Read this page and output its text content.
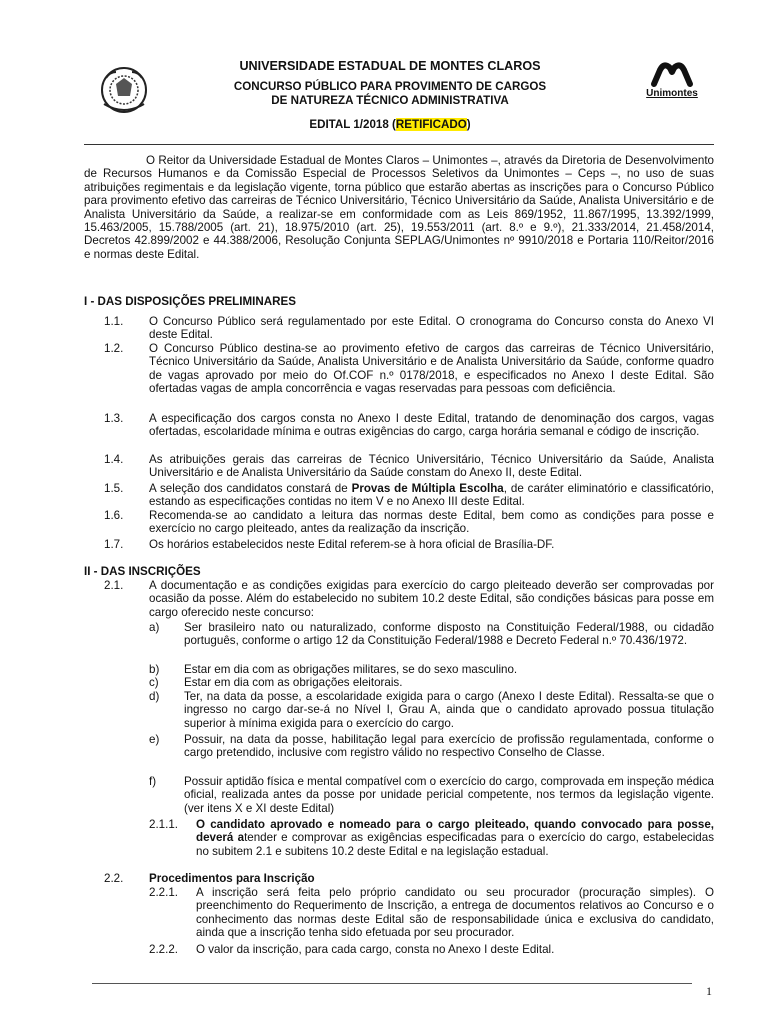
UNIVERSIDADE ESTADUAL DE MONTES CLAROS
CONCURSO PÚBLICO PARA PROVIMENTO DE CARGOS
DE NATUREZA TÉCNICO ADMINISTRATIVA
EDITAL 1/2018 (RETIFICADO)
Unimontes
O Reitor da Universidade Estadual de Montes Claros – Unimontes –, através da Diretoria de Desenvolvimento de Recursos Humanos e da Comissão Especial de Processos Seletivos da Unimontes – Ceps –, no uso de suas atribuições regimentais e da legislação vigente, torna público que estarão abertas as inscrições para o Concurso Público para provimento efetivo das carreiras de Técnico Universitário, Técnico Universitário da Saúde, Analista Universitário e de Analista Universitário da Saúde, a realizar-se em conformidade com as Leis 869/1952, 11.867/1995, 13.392/1999, 15.463/2005, 15.788/2005 (art. 21), 18.975/2010 (art. 25), 19.553/2011 (art. 8.º e 9.º), 21.333/2014, 21.458/2014, Decretos 42.899/2002 e 44.388/2006, Resolução Conjunta SEPLAG/Unimontes nº 9910/2018 e Portaria 110/Reitor/2016 e normas deste Edital.
I - DAS DISPOSIÇÕES PRELIMINARES
1.1. O Concurso Público será regulamentado por este Edital. O cronograma do Concurso consta do Anexo VI deste Edital.
1.2. O Concurso Público destina-se ao provimento efetivo de cargos das carreiras de Técnico Universitário, Técnico Universitário da Saúde, Analista Universitário e de Analista Universitário da Saúde, conforme quadro de vagas aprovado por meio do Of.COF n.º 0178/2018, e especificados no Anexo I deste Edital. São ofertadas vagas de ampla concorrência e vagas reservadas para pessoas com deficiência.
1.3. A especificação dos cargos consta no Anexo I deste Edital, tratando de denominação dos cargos, vagas ofertadas, escolaridade mínima e outras exigências do cargo, carga horária semanal e código de inscrição.
1.4. As atribuições gerais das carreiras de Técnico Universitário, Técnico Universitário da Saúde, Analista Universitário e de Analista Universitário da Saúde constam do Anexo II, deste Edital.
1.5. A seleção dos candidatos constará de Provas de Múltipla Escolha, de caráter eliminatório e classificatório, estando as especificações contidas no item V e no Anexo III deste Edital.
1.6. Recomenda-se ao candidato a leitura das normas deste Edital, bem como as condições para posse e exercício no cargo pleiteado, antes da realização da inscrição.
1.7. Os horários estabelecidos neste Edital referem-se à hora oficial de Brasília-DF.
II - DAS INSCRIÇÕES
2.1. A documentação e as condições exigidas para exercício do cargo pleiteado deverão ser comprovadas por ocasião da posse. Além do estabelecido no subitem 10.2 deste Edital, são condições básicas para posse em cargo oferecido neste concurso:
a) Ser brasileiro nato ou naturalizado, conforme disposto na Constituição Federal/1988, ou cidadão português, conforme o artigo 12 da Constituição Federal/1988 e Decreto Federal n.º 70.436/1972.
b) Estar em dia com as obrigações militares, se do sexo masculino.
c) Estar em dia com as obrigações eleitorais.
d) Ter, na data da posse, a escolaridade exigida para o cargo (Anexo I deste Edital). Ressalta-se que o ingresso no cargo dar-se-á no Nível I, Grau A, ainda que o candidato aprovado possua titulação superior à mínima exigida para o exercício do cargo.
e) Possuir, na data da posse, habilitação legal para exercício de profissão regulamentada, conforme o cargo pretendido, inclusive com registro válido no respectivo Conselho de Classe.
f) Possuir aptidão física e mental compatível com o exercício do cargo, comprovada em inspeção médica oficial, realizada antes da posse por unidade pericial competente, nos termos da legislação vigente. (ver itens X e XI deste Edital)
2.1.1. O candidato aprovado e nomeado para o cargo pleiteado, quando convocado para posse, deverá atender e comprovar as exigências especificadas para o exercício do cargo, estabelecidas no subitem 2.1 e subitens 10.2 deste Edital e na legislação estadual.
2.2. Procedimentos para Inscrição
2.2.1. A inscrição será feita pelo próprio candidato ou seu procurador (procuração simples). O preenchimento do Requerimento de Inscrição, a entrega de documentos relativos ao Concurso e o conhecimento das normas deste Edital são de responsabilidade única e exclusiva do candidato, ainda que a inscrição tenha sido efetuada por seu procurador.
2.2.2. O valor da inscrição, para cada cargo, consta no Anexo I deste Edital.
1
